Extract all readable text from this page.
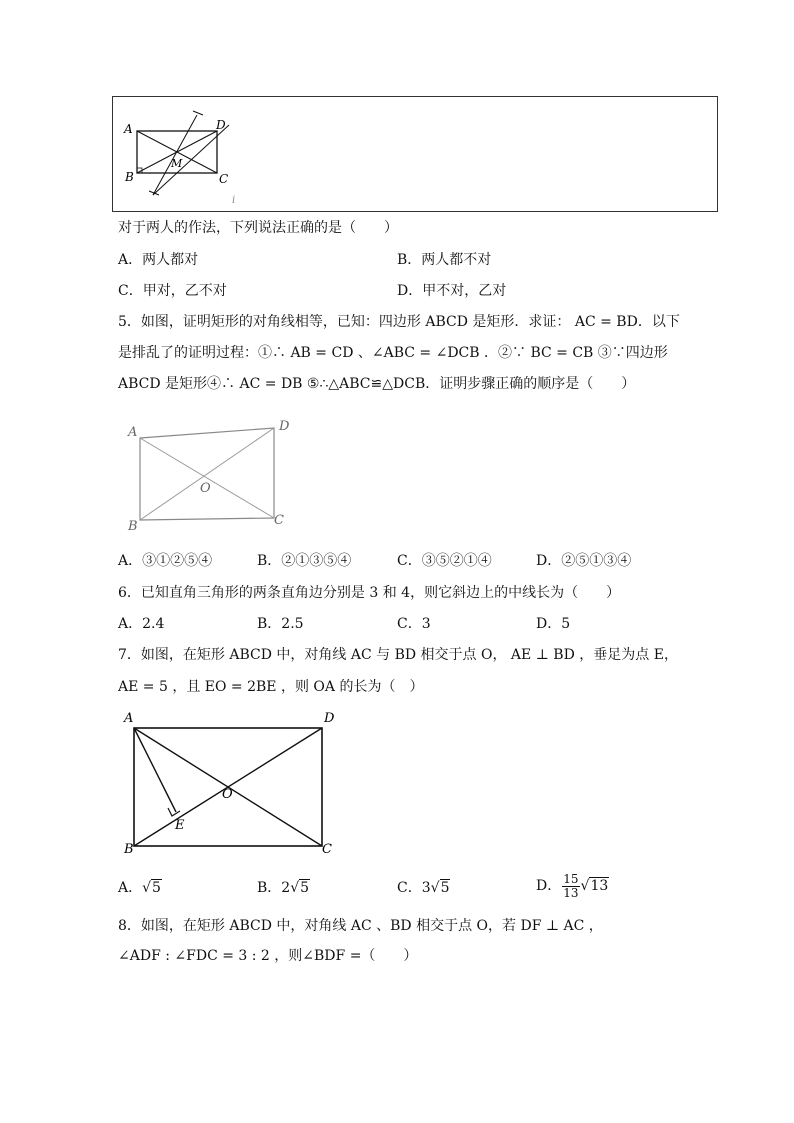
A
B	C
D
M
i
对于两人的作法，下列说法正确的是（　　）
A．两人都对	B．两人都不对
C．甲对，乙不对	D．甲不对，乙对
5．如图，证明矩形的对角线相等，已知：四边形 ABCD 是矩形．求证： AC = BD．以下
是排乱了的证明过程：①∴ AB = CD 、∠ABC = ∠DCB ．②∵ BC = CB ③∵四边形
ABCD 是矩形④∴ AC = DB ⑤∴△ABC≌△DCB．证明步骤正确的顺序是（　　）
A
B	C
D
O
A．③①②⑤④	B．②①③⑤④	C．③⑤②①④	D．②⑤①③④
6．已知直角三角形的两条直角边分别是 3 和 4，则它斜边上的中线长为（　　）
A．2.4	B．2.5	C．3	D．5
7．如图，在矩形 ABCD 中，对角线 AC 与 BD 相交于点 O， AE ⊥ BD ，垂足为点 E，
AE = 5 ，且 EO = 2BE ，则 OA 的长为（　）
A
B	C
D
O
E
A．√5	B．2√5	C．3√5	D． $\frac{15}{13} √13$
8．如图，在矩形 ABCD 中，对角线 AC 、BD 相交于点 O，若 DF ⊥ AC ，
∠ADF : ∠FDC = 3 : 2 ，则∠BDF =（　　）
